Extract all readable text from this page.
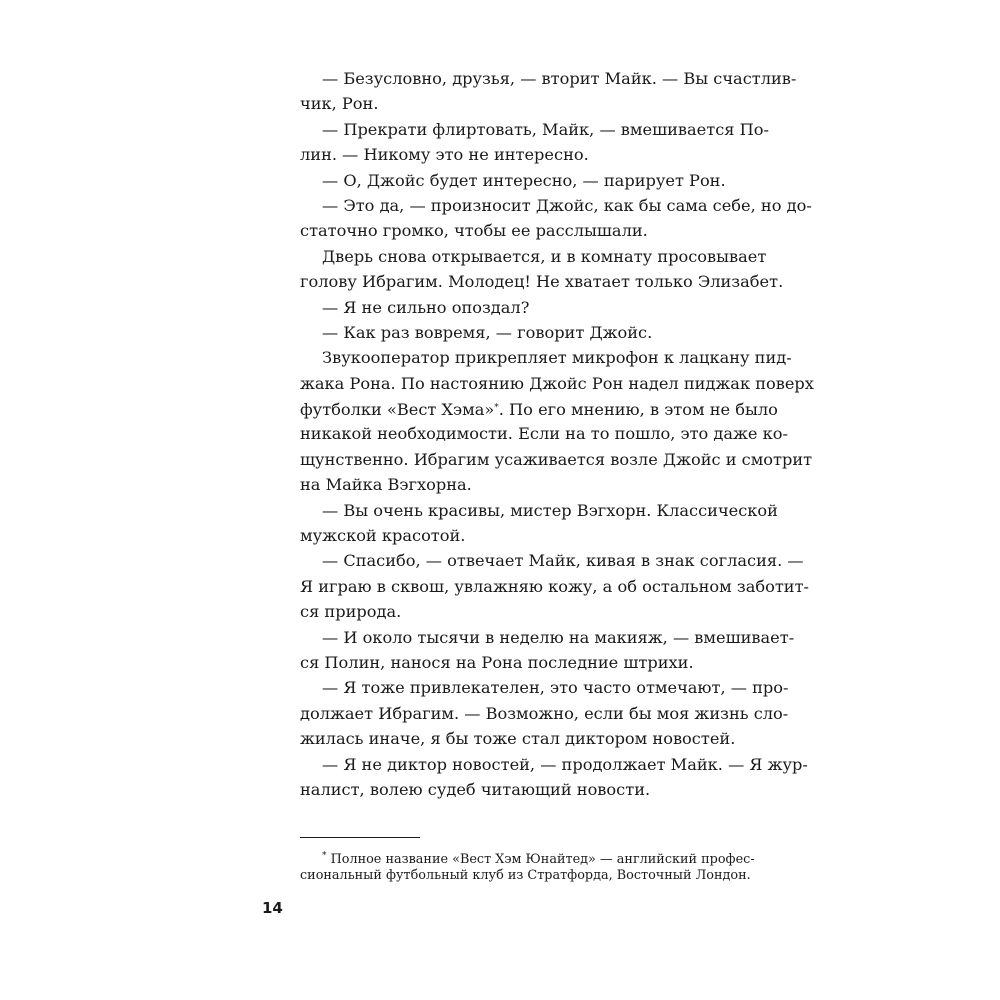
— Безусловно, друзья, — вторит Майк. — Вы счастлив-
чик, Рон.
— Прекрати флиртовать, Майк, — вмешивается По-
лин. — Никому это не интересно.
— О, Джойс будет интересно, — парирует Рон.
— Это да, — произносит Джойс, как бы сама себе, но до-
статочно громко, чтобы ее расслышали.
Дверь снова открывается, и в комнату просовывает
голову Ибрагим. Молодец! Не хватает только Элизабет.
— Я не сильно опоздал?
— Как раз вовремя, — говорит Джойс.
Звукооператор прикрепляет микрофон к лацкану пид-
жака Рона. По настоянию Джойс Рон надел пиджак поверх
футболки «Вест Хэма»*. По его мнению, в этом не было
никакой необходимости. Если на то пошло, это даже ко-
щунственно. Ибрагим усаживается возле Джойс и смотрит
на Майка Вэгхорна.
— Вы очень красивы, мистер Вэгхорн. Классической
мужской красотой.
— Спасибо, — отвечает Майк, кивая в знак согласия. —
Я играю в сквош, увлажняю кожу, а об остальном заботит-
ся природа.
— И около тысячи в неделю на макияж, — вмешивает-
ся Полин, нанося на Рона последние штрихи.
— Я тоже привлекателен, это часто отмечают, — про-
должает Ибрагим. — Возможно, если бы моя жизнь сло-
жилась иначе, я бы тоже стал диктором новостей.
— Я не диктор новостей, — продолжает Майк. — Я жур-
налист, волею судеб читающий новости.
* Полное название «Вест Хэм Юнайтед» — английский профес-
сиональный футбольный клуб из Стратфорда, Восточный Лондон.
14
